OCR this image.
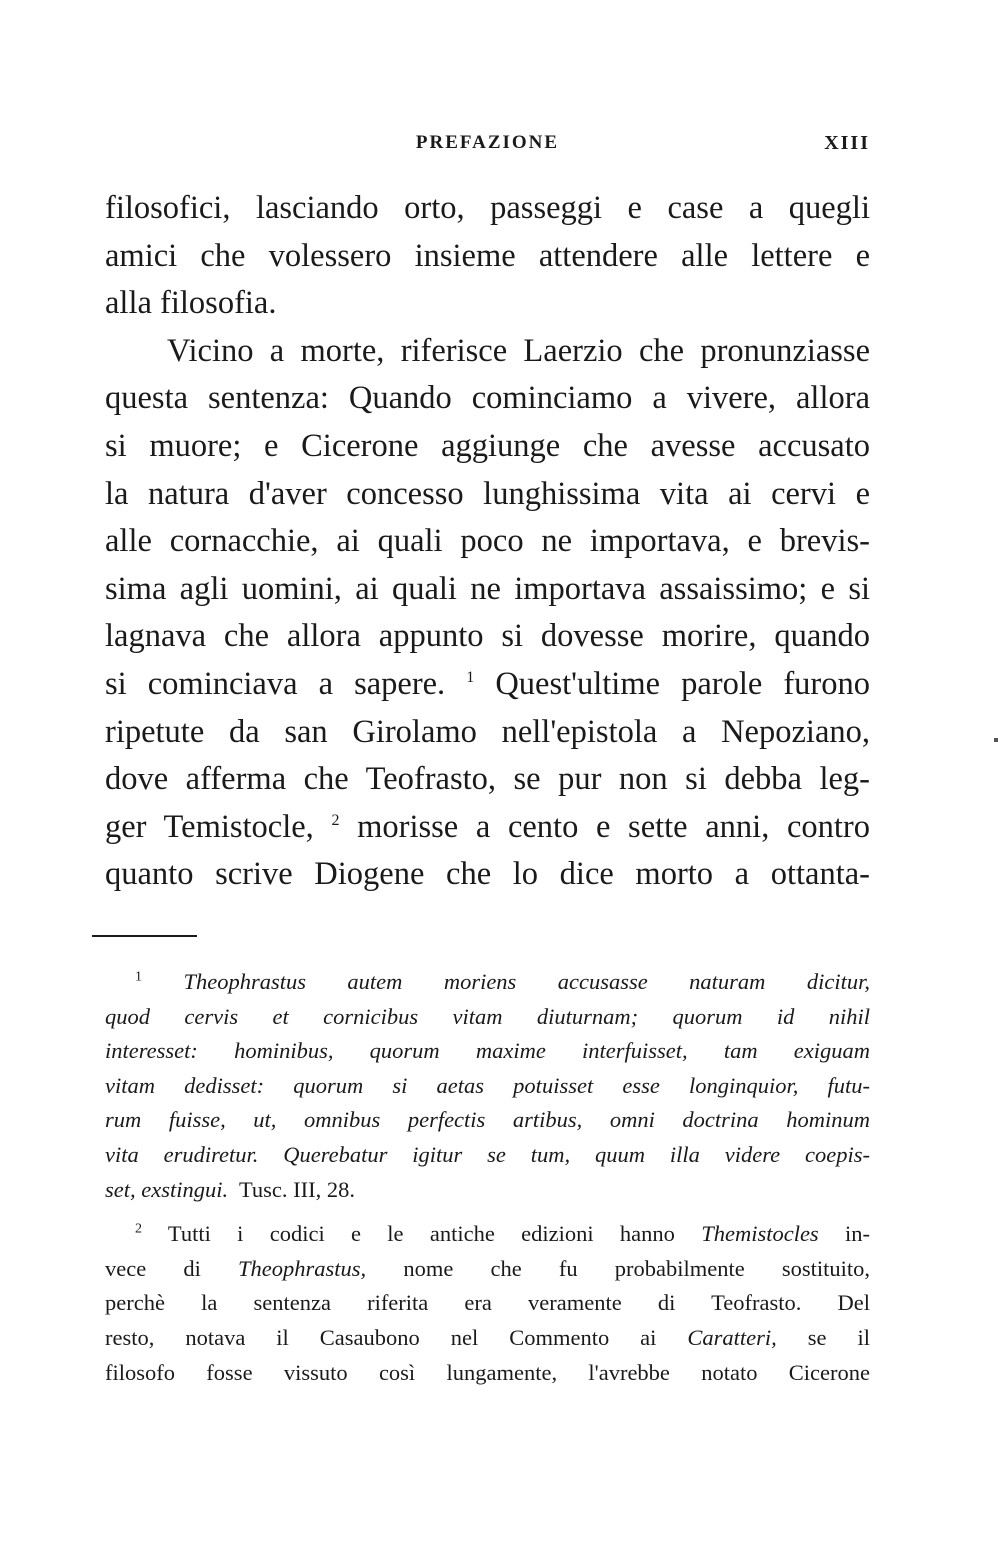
PREFAZIONE	XIII
filosofici, lasciando orto, passeggi e case a quegli
amici che volessero insieme attendere alle lettere e
alla filosofia.
Vicino a morte, riferisce Laerzio che pronunziasse
questa sentenza: Quando cominciamo a vivere, allora
si muore; e Cicerone aggiunge che avesse accusato
la natura d'aver concesso lunghissima vita ai cervi e
alle cornacchie, ai quali poco ne importava, e brevis-
sima agli uomini, ai quali ne importava assaissimo; e si
lagnava che allora appunto si dovesse morire, quando
si cominciava a sapere. $^1$ Quest'ultime parole furono
ripetute da san Girolamo nell'epistola a Nepoziano,
dove afferma che Teofrasto, se pur non si debba leg-
ger Temistocle, $^2$ morisse a cento e sette anni, contro
quanto scrive Diogene che lo dice morto a ottanta-
$^1$ Theophrastus autem moriens accusasse naturam dicitur,
quod cervis et cornicibus vitam diuturnam; quorum id nihil
interesset: hominibus, quorum maxime interfuisset, tam exiguam
vitam dedisset: quorum si aetas potuisset esse longinquior, futu-
rum fuisse, ut, omnibus perfectis artibus, omni doctrina hominum
vita erudiretur. Querebatur igitur se tum, quum illa videre coepis-
set, exstingui. Tusc. III, 28.
$^2$ Tutti i codici e le antiche edizioni hanno Themistocles in-
vece di Theophrastus, nome che fu probabilmente sostituito,
perchè la sentenza riferita era veramente di Teofrasto. Del
resto, notava il Casaubono nel Commento ai Caratteri, se il
filosofo fosse vissuto così lungamente, l'avrebbe notato Cicerone
